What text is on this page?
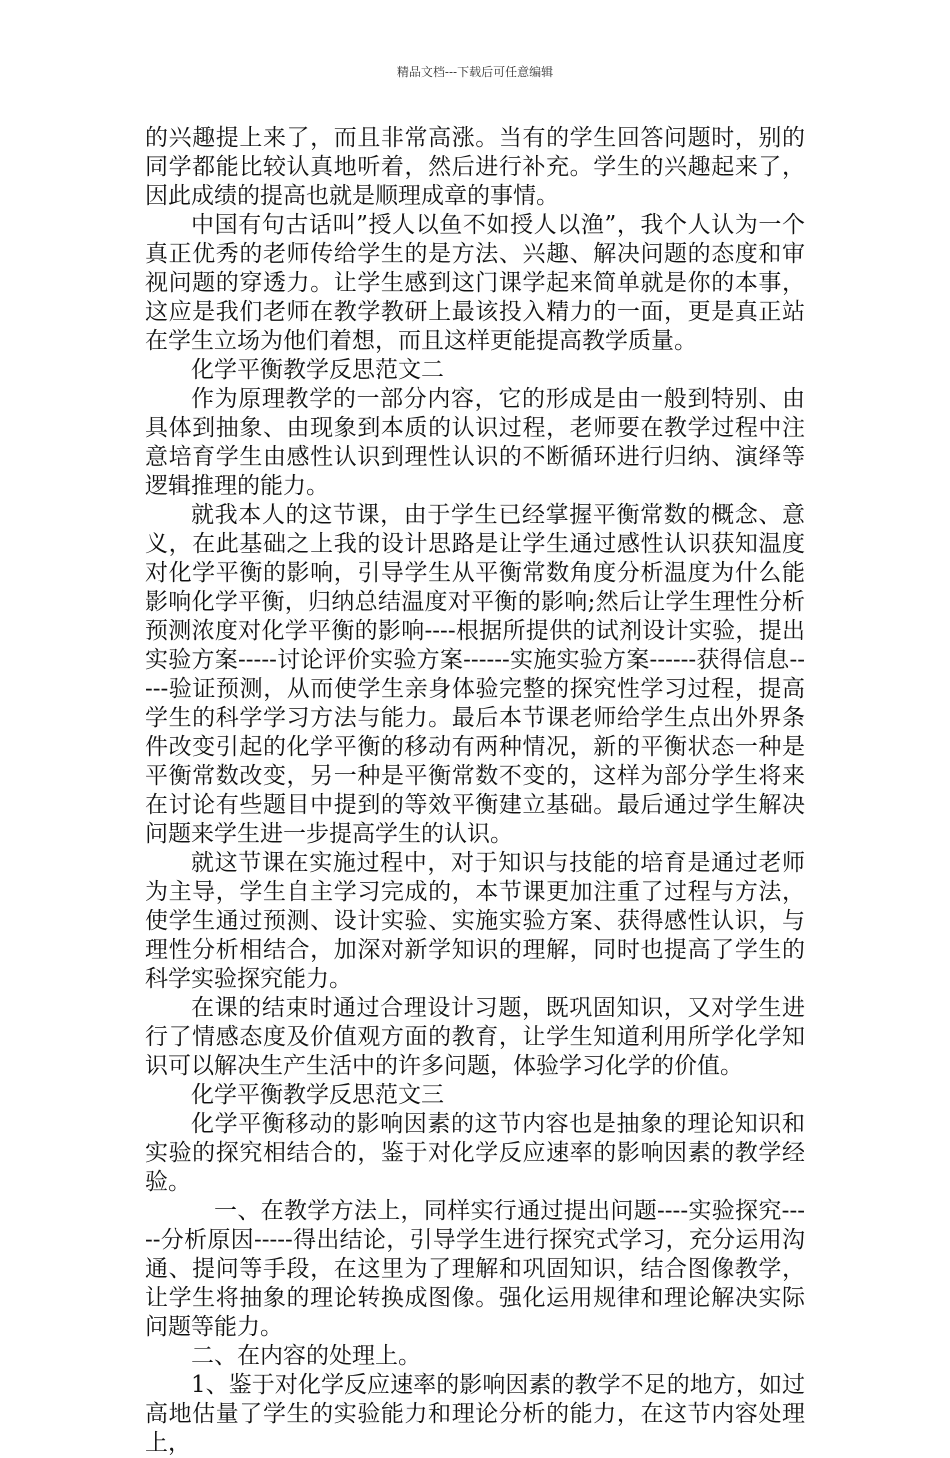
精品文档---下载后可任意编辑

的兴趣提上来了，而且非常高涨。当有的学生回答问题时，别的同学都能比较认真地听着，然后进行补充。学生的兴趣起来了，因此成绩的提高也就是顺理成章的事情。

中国有句古话叫”授人以鱼不如授人以渔”，我个人认为一个真正优秀的老师传给学生的是方法、兴趣、解决问题的态度和审视问题的穿透力。让学生感到这门课学起来简单就是你的本事，这应是我们老师在教学教研上最该投入精力的一面，更是真正站在学生立场为他们着想，而且这样更能提高教学质量。

化学平衡教学反思范文二

作为原理教学的一部分内容，它的形成是由一般到特别、由具体到抽象、由现象到本质的认识过程，老师要在教学过程中注意培育学生由感性认识到理性认识的不断循环进行归纳、演绎等逻辑推理的能力。

就我本人的这节课，由于学生已经掌握平衡常数的概念、意义，在此基础之上我的设计思路是让学生通过感性认识获知温度对化学平衡的影响，引导学生从平衡常数角度分析温度为什么能影响化学平衡，归纳总结温度对平衡的影响;然后让学生理性分析预测浓度对化学平衡的影响----根据所提供的试剂设计实验，提出实验方案-----讨论评价实验方案------实施实验方案------获得信息-----验证预测，从而使学生亲身体验完整的探究性学习过程，提高学生的科学学习方法与能力。最后本节课老师给学生点出外界条件改变引起的化学平衡的移动有两种情况，新的平衡状态一种是平衡常数改变，另一种是平衡常数不变的，这样为部分学生将来在讨论有些题目中提到的等效平衡建立基础。最后通过学生解决问题来学生进一步提高学生的认识。

就这节课在实施过程中，对于知识与技能的培育是通过老师为主导，学生自主学习完成的，本节课更加注重了过程与方法，使学生通过预测、设计实验、实施实验方案、获得感性认识，与理性分析相结合，加深对新学知识的理解，同时也提高了学生的科学实验探究能力。

在课的结束时通过合理设计习题，既巩固知识，又对学生进行了情感态度及价值观方面的教育，让学生知道利用所学化学知识可以解决生产生活中的许多问题，体验学习化学的价值。

化学平衡教学反思范文三

化学平衡移动的影响因素的这节内容也是抽象的理论知识和实验的探究相结合的，鉴于对化学反应速率的影响因素的教学经验。

一、在教学方法上，同样实行通过提出问题----实验探究-----分析原因-----得出结论，引导学生进行探究式学习，充分运用沟通、提问等手段，在这里为了理解和巩固知识，结合图像教学，让学生将抽象的理论转换成图像。强化运用规律和理论解决实际问题等能力。

二、在内容的处理上。

1、鉴于对化学反应速率的影响因素的教学不足的地方，如过高地估量了学生的实验能力和理论分析的能力，在这节内容处理上，
